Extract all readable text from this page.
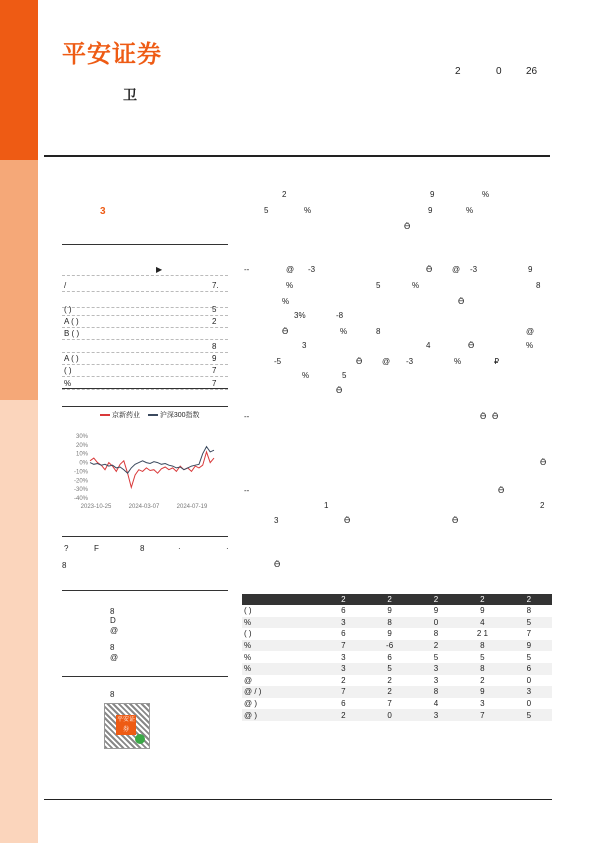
平安证券
2	0 26
卫
3
▶
/	7.
( )	5
A ( )	2
B ( )
8
A ( )	9
( )	7
%	7
京新药业	沪深300指数
30%
20%
10%
0%
-10%
-20%
-30%
-40%
2023-10-25	2024-03-07	2024-07-19
?	F	8	·	·
8
8
D
@
8
@
8
平安证券
2	9	%
5	%	9	%
Ӫ
@ -3	Ӫ @ -3	9
%	5	%	8
%	Ӫ
3%	-8
Ӫ	%	8	@
3	4	Ӫ	%
-5	Ӫ @ -3	%	₽
%	5
Ӫ
Ӫ Ӫ
Ӫ
1	2
3	Ӫ	Ӫ
--
--
--	Ӫ
Ӫ
	2	2	2	2	2
( )	6	9	9	9	8
%	3	8	0	4	5
( )	6	9	8	2 1	7
%	7	-6	2	8	9
%	3	6	5	5	5
%	3	5	3	8	6
@	2	2	3	2	0
@ / )	7	2	8	9	3
@ )	6	7	4	3	0
@ )	2	0	3	7	5
